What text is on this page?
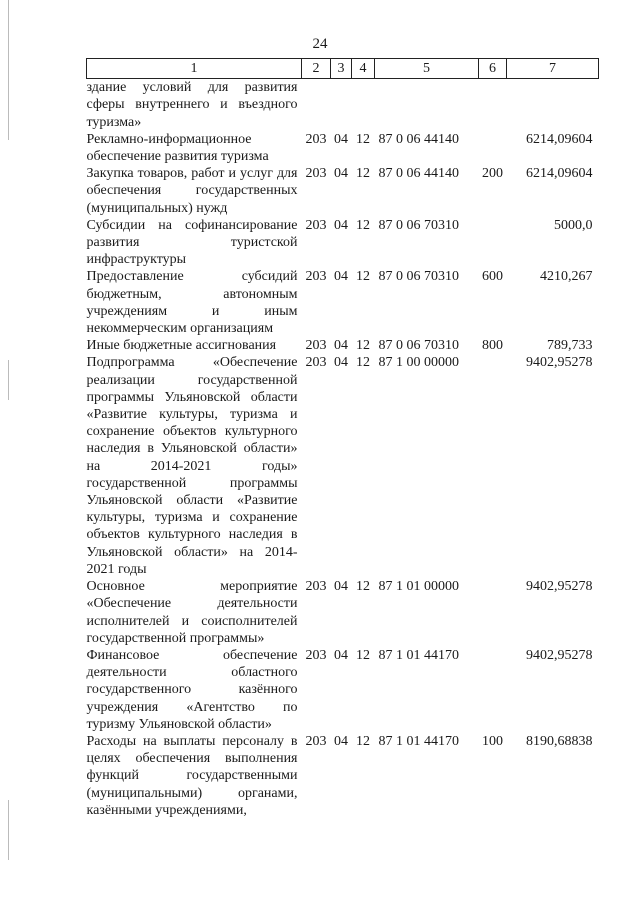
24
1	2	3	4	5	6	7
здание условий для развития сферы внутреннего и въездного туризма»						
Рекламно-информационное обеспечение развития туризма	203	04	12	87 0 06 44140		6214,09604
Закупка товаров, работ и услуг для обеспечения государственных (муниципальных) нужд	203	04	12	87 0 06 44140	200	6214,09604
Субсидии на софинансирование развития туристской инфраструктуры	203	04	12	87 0 06 70310		5000,0
Предоставление субсидий бюджетным, автономным учреждениям и иным некоммерческим организациям	203	04	12	87 0 06 70310	600	4210,267
Иные бюджетные ассигнования	203	04	12	87 0 06 70310	800	789,733
Подпрограмма «Обеспечение реализации государственной программы Ульяновской области «Развитие культуры, туризма и сохранение объектов культурного наследия в Ульяновской области» на 2014-2021 годы» государственной программы Ульяновской области «Развитие культуры, туризма и сохранение объектов культурного наследия в Ульяновской области» на 2014-2021 годы	203	04	12	87 1 00 00000		9402,95278
Основное мероприятие «Обеспечение деятельности исполнителей и соисполнителей государственной программы»	203	04	12	87 1 01 00000		9402,95278
Финансовое обеспечение деятельности областного государственного казённого учреждения «Агентство по туризму Ульяновской области»	203	04	12	87 1 01 44170		9402,95278
Расходы на выплаты персоналу в целях обеспечения выполнения функций государственными (муниципальными) органами, казёнными учреждениями,	203	04	12	87 1 01 44170	100	8190,68838
